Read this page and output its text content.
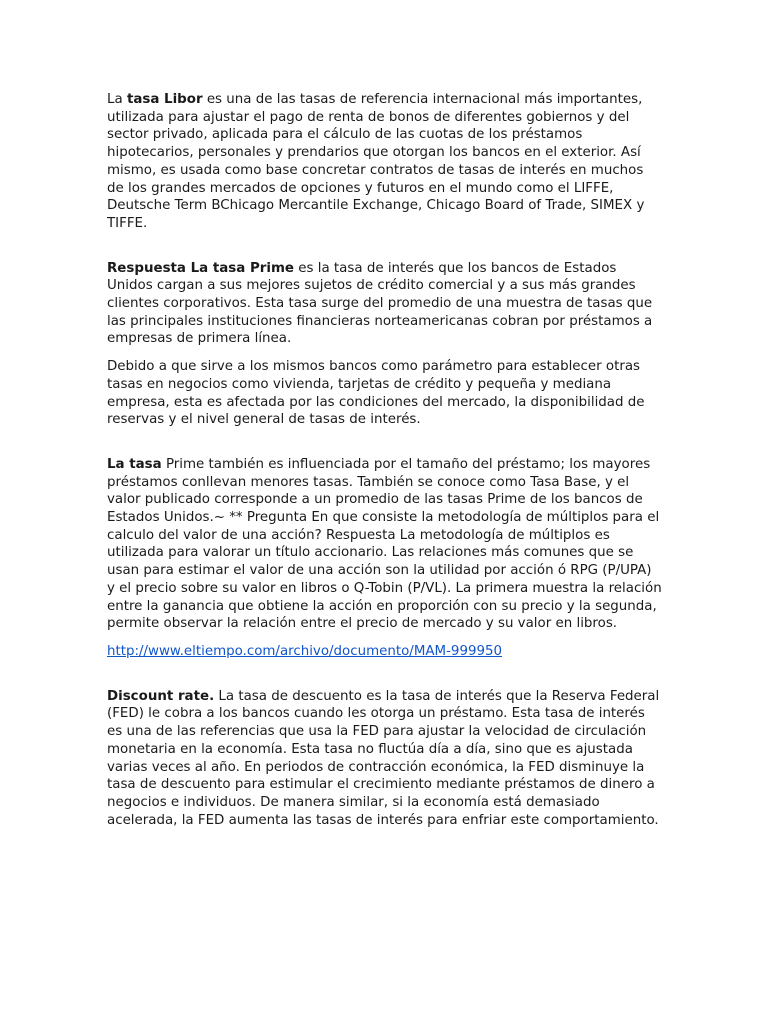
La tasa Libor es una de las tasas de referencia internacional más importantes, utilizada para ajustar el pago de renta de bonos de diferentes gobiernos y del sector privado, aplicada para el cálculo de las cuotas de los préstamos hipotecarios, personales y prendarios que otorgan los bancos en el exterior. Así mismo, es usada como base concretar contratos de tasas de interés en muchos de los grandes mercados de opciones y futuros en el mundo como el LIFFE, Deutsche Term BChicago Mercantile Exchange, Chicago Board of Trade, SIMEX y TIFFE.

Respuesta La tasa Prime es la tasa de interés que los bancos de Estados Unidos cargan a sus mejores sujetos de crédito comercial y a sus más grandes clientes corporativos. Esta tasa surge del promedio de una muestra de tasas que las principales instituciones financieras norteamericanas cobran por préstamos a empresas de primera línea.

Debido a que sirve a los mismos bancos como parámetro para establecer otras tasas en negocios como vivienda, tarjetas de crédito y pequeña y mediana empresa, esta es afectada por las condiciones del mercado, la disponibilidad de reservas y el nivel general de tasas de interés.

La tasa Prime también es influenciada por el tamaño del préstamo; los mayores préstamos conllevan menores tasas. También se conoce como Tasa Base, y el valor publicado corresponde a un promedio de las tasas Prime de los bancos de Estados Unidos.~ ** Pregunta En que consiste la metodología de múltiplos para el calculo del valor de una acción? Respuesta La metodología de múltiplos es utilizada para valorar un título accionario. Las relaciones más comunes que se usan para estimar el valor de una acción son la utilidad por acción ó RPG (P/UPA) y el precio sobre su valor en libros o Q-Tobin (P/VL). La primera muestra la relación entre la ganancia que obtiene la acción en proporción con su precio y la segunda, permite observar la relación entre el precio de mercado y su valor en libros.

http://www.eltiempo.com/archivo/documento/MAM-999950

Discount rate. La tasa de descuento es la tasa de interés que la Reserva Federal (FED) le cobra a los bancos cuando les otorga un préstamo. Esta tasa de interés es una de las referencias que usa la FED para ajustar la velocidad de circulación monetaria en la economía. Esta tasa no fluctúa día a día, sino que es ajustada varias veces al año. En periodos de contracción económica, la FED disminuye la tasa de descuento para estimular el crecimiento mediante préstamos de dinero a negocios e individuos. De manera similar, si la economía está demasiado acelerada, la FED aumenta las tasas de interés para enfriar este comportamiento.
